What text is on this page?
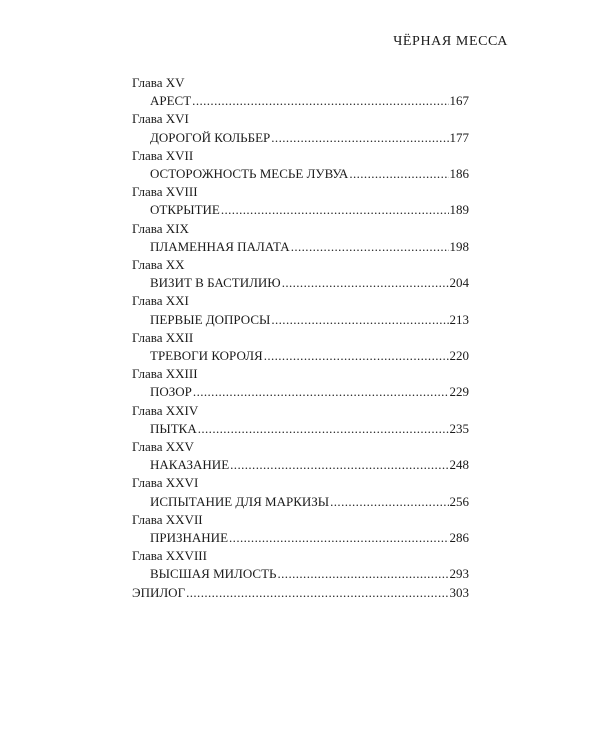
ЧЁРНАЯ МЕССА
Глава XV
АРЕСТ .....	167
Глава XVI
ДОРОГОЙ КОЛЬБЕР .....	177
Глава XVII
ОСТОРОЖНОСТЬ МЕСЬЕ ЛУВУА .....	186
Глава XVIII
ОТКРЫТИЕ .....	189
Глава XIX
ПЛАМЕННАЯ ПАЛАТА .....	198
Глава XX
ВИЗИТ В БАСТИЛИЮ .....	204
Глава XXI
ПЕРВЫЕ ДОПРОСЫ .....	213
Глава XXII
ТРЕВОГИ КОРОЛЯ .....	220
Глава XXIII
ПОЗОР .....	229
Глава XXIV
ПЫТКА .....	235
Глава XXV
НАКАЗАНИЕ .....	248
Глава XXVI
ИСПЫТАНИЕ ДЛЯ МАРКИЗЫ .....	256
Глава XXVII
ПРИЗНАНИЕ .....	286
Глава XXVIII
ВЫСШАЯ МИЛОСТЬ .....	293
ЭПИЛОГ .....	303
